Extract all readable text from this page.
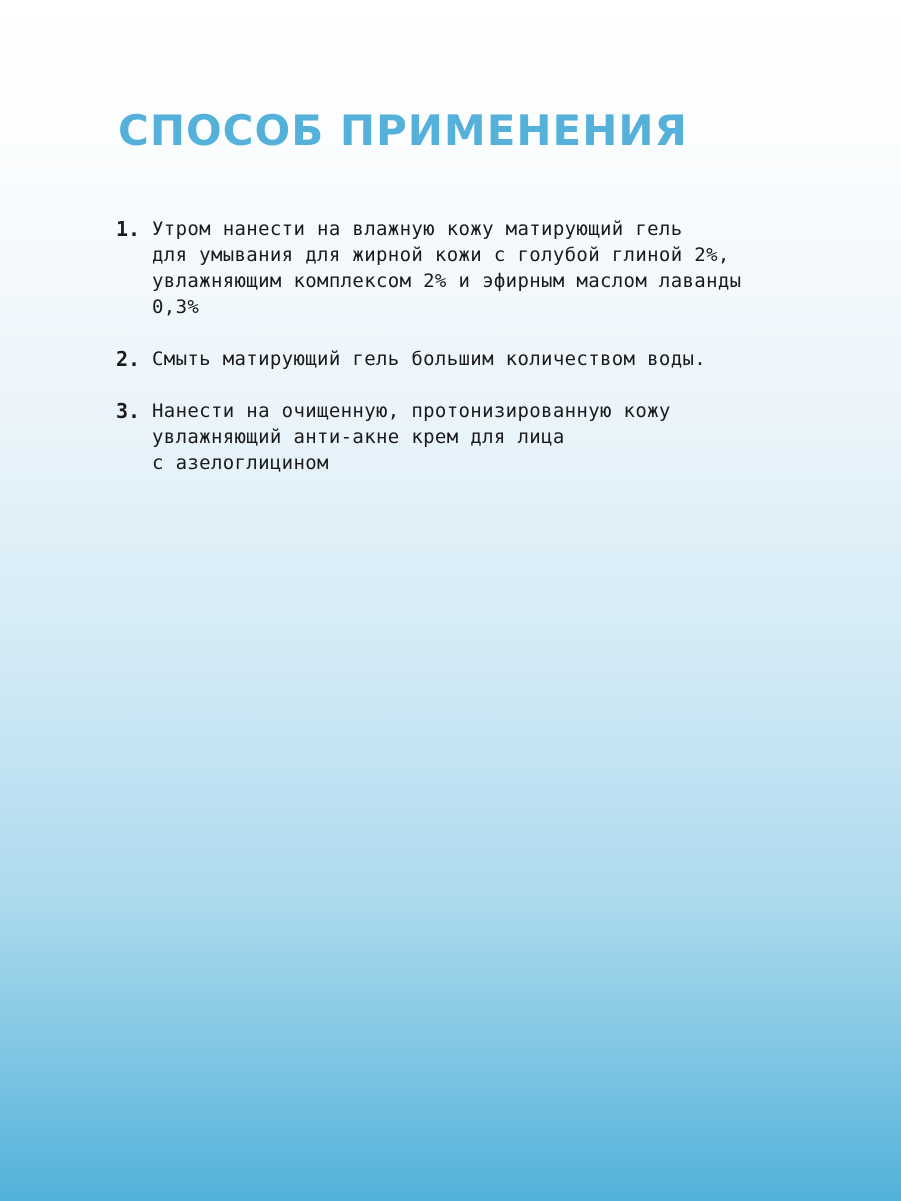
СПОСОБ ПРИМЕНЕНИЯ
1. Утром нанести на влажную кожу матирующий гель
для умывания для жирной кожи с голубой глиной 2%,
увлажняющим комплексом 2% и эфирным маслом лаванды
0,3%
2. Смыть матирующий гель большим количеством воды.
3. Нанести на очищенную, протонизированную кожу
увлажняющий анти-акне крем для лица
с азелоглицином
